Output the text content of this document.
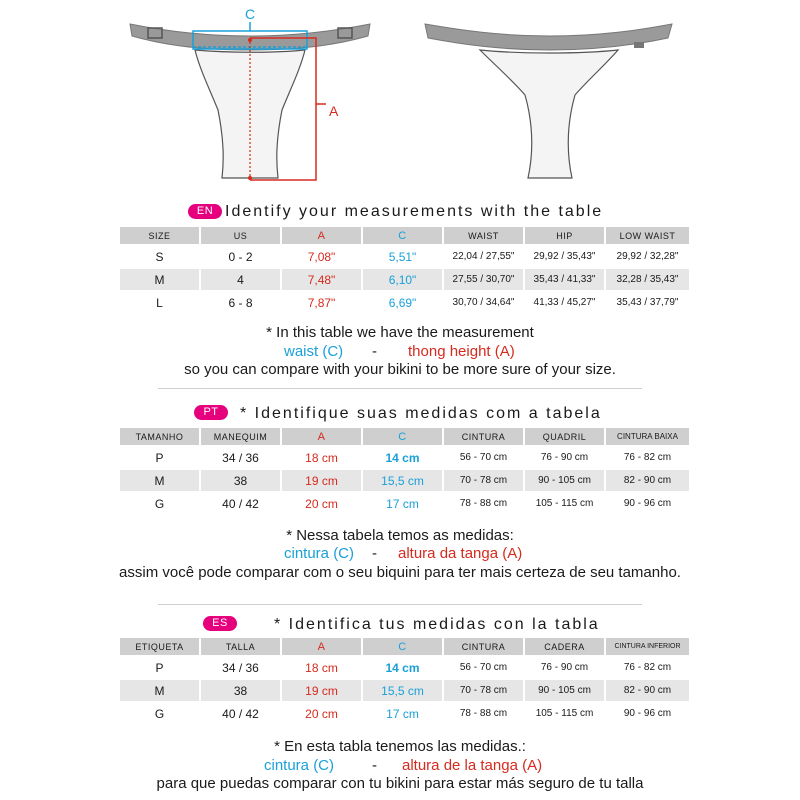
C
A
EN Identify your measurements with the table
SIZE	US	A	C	WAIST	HIP	LOW WAIST
S	0 - 2	7,08"	5,51"	22,04 / 27,55"	29,92 / 35,43"	29,92 / 32,28"
M	4	7,48"	6,10"	27,55 / 30,70"	35,43 / 41,33"	32,28 / 35,43"
L	6 - 8	7,87"	6,69"	30,70 / 34,64"	41,33 / 45,27"	35,43 / 37,79"
* In this table we have the measurement
waist (C) - thong height (A)
so you can compare with your bikini to be more sure of your size.
PT	* Identifique suas medidas com a tabela
TAMANHO	MANEQUIM	A	C	CINTURA	QUADRIL	CINTURA BAIXA
P	34 / 36	18 cm	14 cm	56 - 70 cm	76 - 90 cm	76 - 82 cm
M	38	19 cm	15,5 cm	70 - 78 cm	90 - 105 cm	82 - 90 cm
G	40 / 42	20 cm	17 cm	78 - 88 cm	105 - 115 cm	90 - 96 cm
* Nessa tabela temos as medidas:
cintura (C) - altura da tanga (A)
assim você pode comparar com o seu biquini para ter mais certeza de seu tamanho.
ES	* Identifica tus medidas con la tabla
ETIQUETA	TALLA	A	C	CINTURA	CADERA	CINTURA INFERIOR
P	34 / 36	18 cm	14 cm	56 - 70 cm	76 - 90 cm	76 - 82 cm
M	38	19 cm	15,5 cm	70 - 78 cm	90 - 105 cm	82 - 90 cm
G	40 / 42	20 cm	17 cm	78 - 88 cm	105 - 115 cm	90 - 96 cm
* En esta tabla tenemos las medidas.:
cintura (C)	- altura de la tanga (A)
para que puedas comparar con tu bikini para estar más seguro de tu talla
